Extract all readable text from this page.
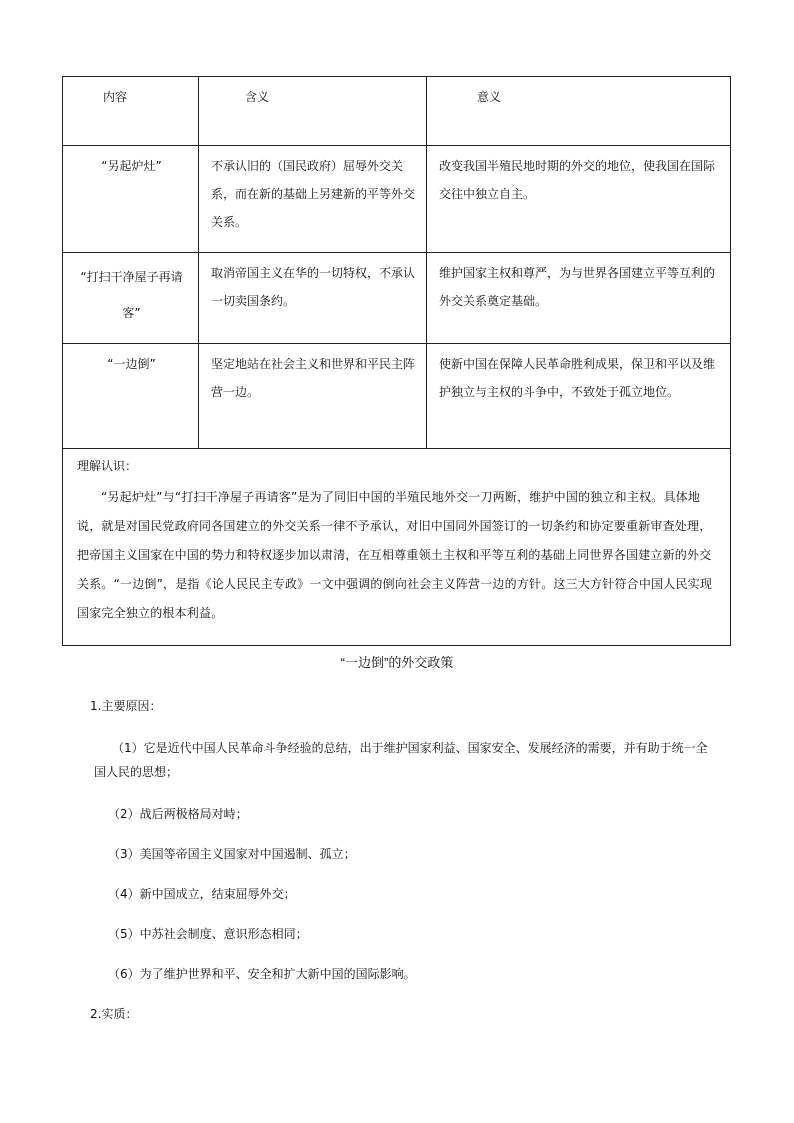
内容	含义	意义
“另起炉灶”	不承认旧的（国民政府）屈辱外交关系，而在新的基础上另建新的平等外交关系。	改变我国半殖民地时期的外交的地位，使我国在国际交往中独立自主。
“打扫干净屋子再请客”	取消帝国主义在华的一切特权，不承认一切卖国条约。	维护国家主权和尊严，为与世界各国建立平等互利的外交关系奠定基础。
“一边倒”	坚定地站在社会主义和世界和平民主阵营一边。	使新中国在保障人民革命胜利成果，保卫和平以及维护独立与主权的斗争中，不致处于孤立地位。

理解认识：

“另起炉灶”与“打扫干净屋子再请客”是为了同旧中国的半殖民地外交一刀两断，维护中国的独立和主权。具体地说，就是对国民党政府同各国建立的外交关系一律不予承认，对旧中国同外国签订的一切条约和协定要重新审查处理，把帝国主义国家在中国的势力和特权逐步加以肃清，在互相尊重领土主权和平等互利的基础上同世界各国建立新的外交关系。“一边倒”，是指《论人民民主专政》一文中强调的倒向社会主义阵营一边的方针。这三大方针符合中国人民实现国家完全独立的根本利益。		

“一边倒”的外交政策
1.主要原因：
（1）它是近代中国人民革命斗争经验的总结，出于维护国家利益、国家安全、发展经济的需要，并有助于统一全国人民的思想；
（2）战后两极格局对峙；
（3）美国等帝国主义国家对中国遏制、孤立；
（4）新中国成立，结束屈辱外交；
（5）中苏社会制度、意识形态相同；
（6）为了维护世界和平、安全和扩大新中国的国际影响。
2.实质：
